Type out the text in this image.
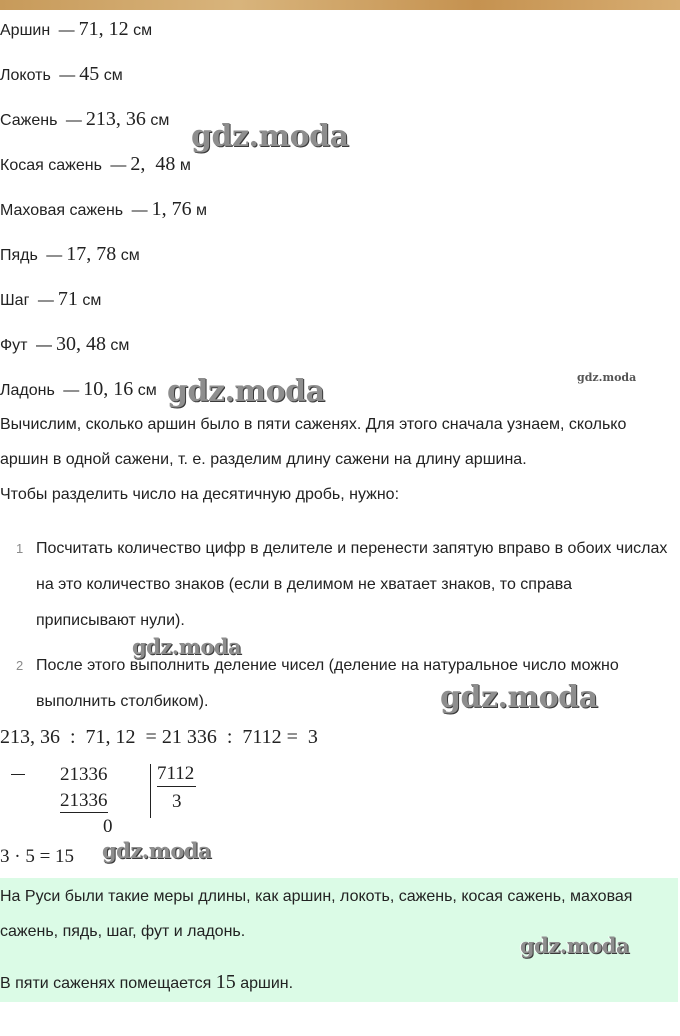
Аршин — 71, 12 см
Локоть — 45 см
Сажень — 213, 36 см
Косая сажень — 2,  48 м
Маховая сажень — 1, 76 м
Пядь — 17, 78 см
Шаг — 71 см
Фут — 30, 48 см
Ладонь — 10, 16 см
Вычислим, сколько аршин было в пяти саженях. Для этого сначала узнаем, сколько аршин в одной сажени, т. е. разделим длину сажени на длину аршина.
Чтобы разделить число на десятичную дробь, нужно:
1 Посчитать количество цифр в делителе и перенести запятую вправо в обоих числах на это количество знаков (если в делимом не хватает знаков, то справа приписывают нули).
2 После этого выполнить деление чисел (деление на натуральное число можно выполнить столбиком).
213, 36  :  71, 12  = 21 336  :  7112 =  3
21336
21336
0
7112
3
3 · 5 = 15
На Руси были такие меры длины, как аршин, локоть, сажень, косая сажень, маховая сажень, пядь, шаг, фут и ладонь.
В пяти саженях помещается 15 аршин.
gdz.moda
gdz.moda	gdz.moda
gdz.moda
gdz.moda
gdz.moda
gdz.moda
